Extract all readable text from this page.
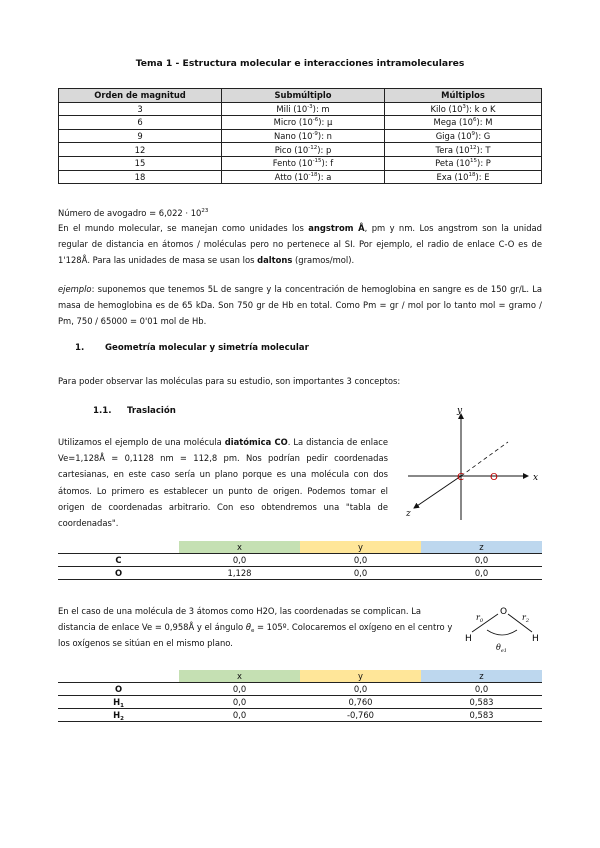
Tema 1 - Estructura molecular e interacciones intramoleculares
Orden de magnitud	Submúltiplo	Múltiplos
3	Mili $(10^{-3})$: m	Kilo $(10^3)$: k o K
6	Micro $(10^{-6})$: μ	Mega $(10^6)$: M
9	Nano $(10^{-9})$: n	Giga $(10^9)$: G
12	Pico $(10^{-12})$: p	Tera $(10^{12})$: T
15	Fento $(10^{-15})$: f	Peta $(10^{15})$: P
18	Atto $(10^{-18})$: a	Exa $(10^{18})$: E

Número de avogadro = $6,022 \cdot 10^{23}$

En el mundo molecular, se manejan como unidades los angstrom Å, pm y nm. Los angstrom son la unidad regular de distancia en átomos / moléculas pero no pertenece al SI. Por ejemplo, el radio de enlace C-O es de 1'128Å. Para las unidades de masa se usan los daltons (gramos/mol).

ejemplo: suponemos que tenemos 5L de sangre y la concentración de hemoglobina en sangre es de 150 gr/L. La masa de hemoglobina es de 65 kDa. Son 750 gr de Hb en total. Como Pm = gr / mol por lo tanto mol = gramo / Pm, 750 / 65000 = 0'01 mol de Hb.

1. Geometría molecular y simetría molecular

Para poder observar las moléculas para su estudio, son importantes 3 conceptos:

1.1. Traslación

Utilizamos el ejemplo de una molécula diatómica CO. La distancia de enlace Ve=1,128Å = 0,1128 nm = 112,8 pm. Nos podrían pedir coordenadas cartesianas, en este caso sería un plano porque es una molécula con dos átomos. Lo primero es establecer un punto de origen. Podemos tomar el origen de coordenadas arbitrario. Con eso obtendremos una "tabla de coordenadas".

y
x
z
C	O
	x	y	z
C	0,0	0,0	0,0
O	1,128	0,0	0,0

En el caso de una molécula de 3 átomos como H2O, las coordenadas se complican. La distancia de enlace Ve = 0,958Å y el ángulo $\theta_e$ = 105º. Colocaremos el oxígeno en el centro y los oxígenos se sitúan en el mismo plano.

O
H	H
$r_0$	$r_2$
$\theta_{e1}$
	x	y	z
O	0,0	0,0	0,0
$H_1$	0,0	0,760	0,583
$H_2$	0,0	-0,760	0,583
